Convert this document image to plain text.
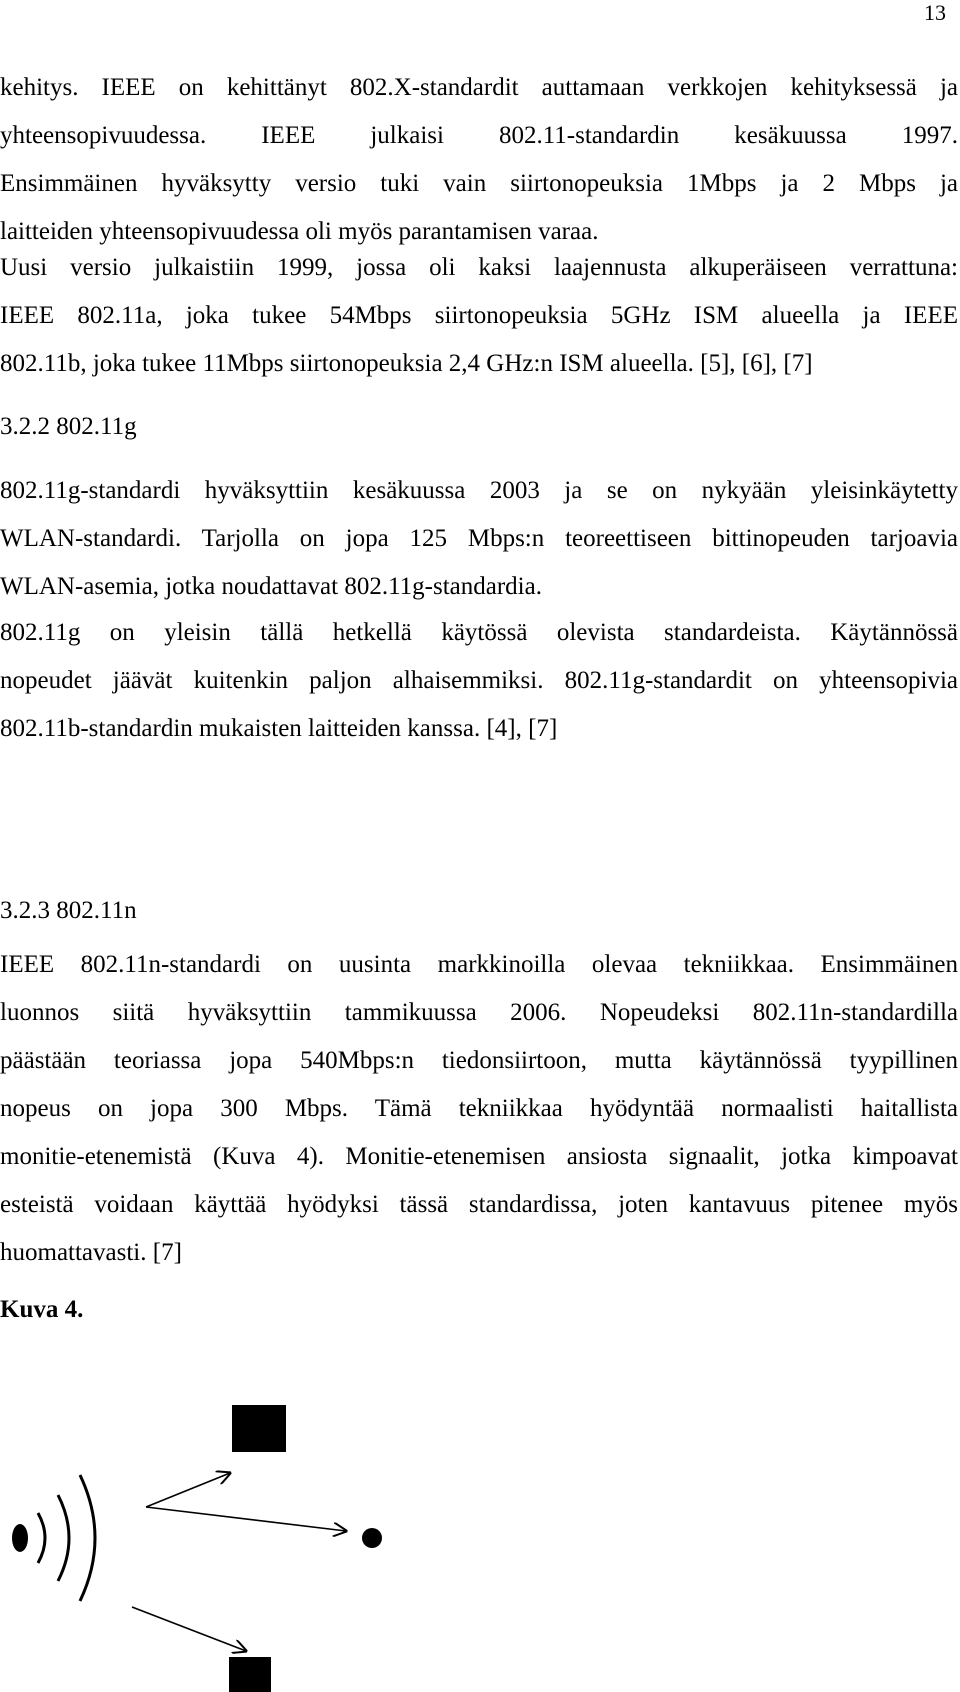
13

kehitys. IEEE on kehittänyt 802.X-standardit auttamaan verkkojen kehityksessä ja
yhteensopivuudessa. IEEE julkaisi 802.11-standardin kesäkuussa 1997.
Ensimmäinen hyväksytty versio tuki vain siirtonopeuksia 1Mbps ja 2 Mbps ja
laitteiden yhteensopivuudessa oli myös parantamisen varaa.

Uusi versio julkaistiin 1999, jossa oli kaksi laajennusta alkuperäiseen verrattuna:
IEEE 802.11a, joka tukee 54Mbps siirtonopeuksia 5GHz ISM alueella ja IEEE
802.11b, joka tukee 11Mbps siirtonopeuksia 2,4 GHz:n ISM alueella. [5], [6], [7]

3.2.2 802.11g

802.11g-standardi hyväksyttiin kesäkuussa 2003 ja se on nykyään yleisinkäytetty
WLAN-standardi. Tarjolla on jopa 125 Mbps:n teoreettiseen bittinopeuden tarjoavia
WLAN-asemia, jotka noudattavat 802.11g-standardia.

802.11g on yleisin tällä hetkellä käytössä olevista standardeista. Käytännössä
nopeudet jäävät kuitenkin paljon alhaisemmiksi. 802.11g-standardit on yhteensopivia
802.11b-standardin mukaisten laitteiden kanssa. [4], [7]

3.2.3 802.11n

IEEE 802.11n-standardi on uusinta markkinoilla olevaa tekniikkaa. Ensimmäinen
luonnos siitä hyväksyttiin tammikuussa 2006. Nopeudeksi 802.11n-standardilla
päästään teoriassa jopa 540Mbps:n tiedonsiirtoon, mutta käytännössä tyypillinen
nopeus on jopa 300 Mbps. Tämä tekniikkaa hyödyntää normaalisti haitallista
monitie-etenemistä (Kuva 4). Monitie-etenemisen ansiosta signaalit, jotka kimpoavat
esteistä voidaan käyttää hyödyksi tässä standardissa, joten kantavuus pitenee myös
huomattavasti. [7]

Kuva 4.
